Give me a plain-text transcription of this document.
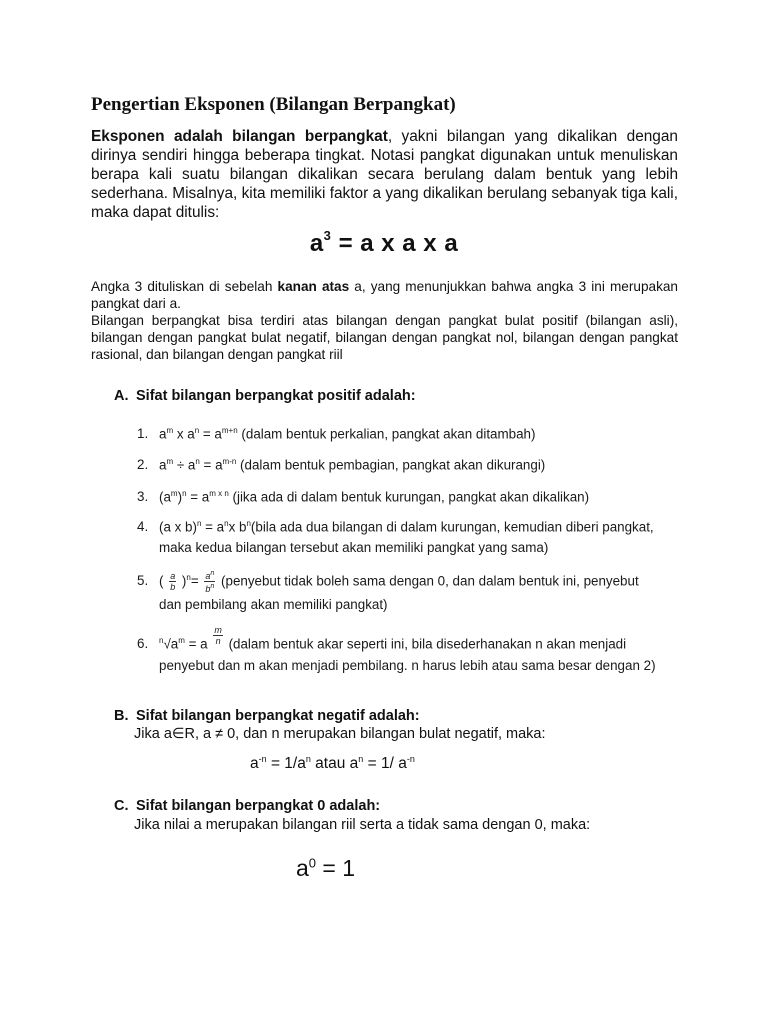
Pengertian Eksponen (Bilangan Berpangkat)
Eksponen adalah bilangan berpangkat, yakni bilangan yang dikalikan dengan dirinya sendiri hingga beberapa tingkat. Notasi pangkat digunakan untuk menuliskan berapa kali suatu bilangan dikalikan secara berulang dalam bentuk yang lebih sederhana. Misalnya, kita memiliki faktor a yang dikalikan berulang sebanyak tiga kali, maka dapat ditulis:
$a^3 = a$ x a x a
Angka 3 dituliskan di sebelah kanan atas a, yang menunjukkan bahwa angka 3 ini merupakan pangkat dari a.
Bilangan berpangkat bisa terdiri atas bilangan dengan pangkat bulat positif (bilangan asli), bilangan dengan pangkat bulat negatif, bilangan dengan pangkat nol, bilangan dengan pangkat rasional, dan bilangan dengan pangkat riil
A. Sifat bilangan berpangkat positif adalah:
1. $a^m$ x $a^n = a^{m+n}$ (dalam bentuk perkalian, pangkat akan ditambah)
2. $a^m \div a^n = a^{m-n}$ (dalam bentuk pembagian, pangkat akan dikurangi)
3. $(a^m)^n = a^{m x n}$ (jika ada di dalam bentuk kurungan, pangkat akan dikalikan)
4. (a x $b)^n = a^nx$ $b^n(bila$ ada dua bilangan di dalam kurungan, kemudian diberi pangkat,
maka kedua bilangan tersebut akan memiliki pangkat yang sama)
5. ( $\frac{a}{b} )^n= \frac{a^n}{b^n}$ (penyebut tidak boleh sama dengan 0, dan dalam bentuk ini, penyebut
dan pembilang akan memiliki pangkat)
6. $^n√a^m = a \frac{m}{n}$ (dalam bentuk akar seperti ini, bila disederhanakan n akan menjadi
penyebut dan m akan menjadi pembilang. n harus lebih atau sama besar dengan 2)
B. Sifat bilangan berpangkat negatif adalah:
Jika a∈R, a ≠ 0, dan n merupakan bilangan bulat negatif, maka:
$a^{-n} = 1/a^n$ atau $a^n = 1/$ $a^{-n}$
C. Sifat bilangan berpangkat 0 adalah:
Jika nilai a merupakan bilangan riil serta a tidak sama dengan 0, maka:
$a^0 = 1$
